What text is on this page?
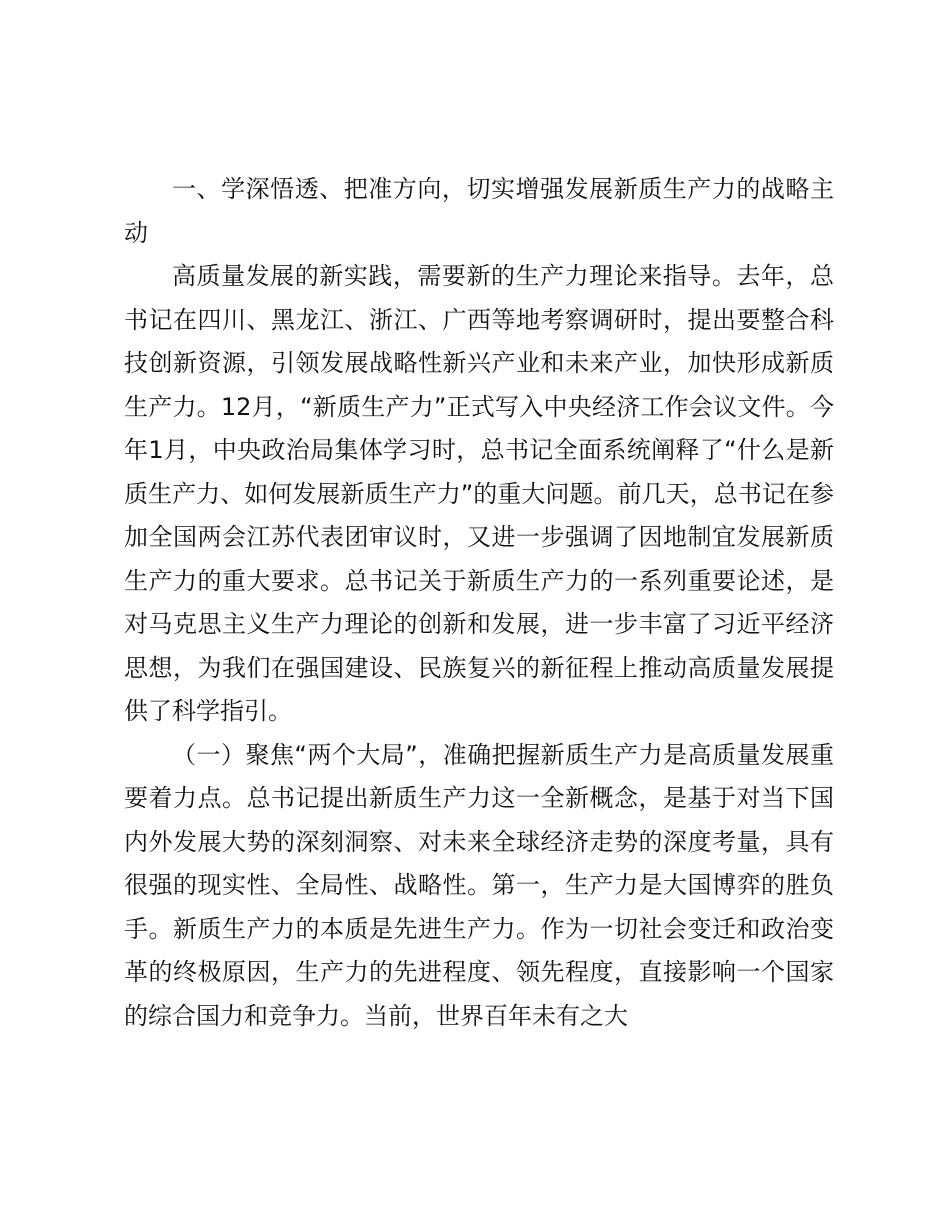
一、学深悟透、把准方向，切实增强发展新质生产力的战略主动

高质量发展的新实践，需要新的生产力理论来指导。去年，总书记在四川、黑龙江、浙江、广西等地考察调研时，提出要整合科技创新资源，引领发展战略性新兴产业和未来产业，加快形成新质生产力。12月，“新质生产力”正式写入中央经济工作会议文件。今年1月，中央政治局集体学习时，总书记全面系统阐释了“什么是新质生产力、如何发展新质生产力”的重大问题。前几天，总书记在参加全国两会江苏代表团审议时，又进一步强调了因地制宜发展新质生产力的重大要求。总书记关于新质生产力的一系列重要论述，是对马克思主义生产力理论的创新和发展，进一步丰富了习近平经济思想，为我们在强国建设、民族复兴的新征程上推动高质量发展提供了科学指引。

（一）聚焦“两个大局”，准确把握新质生产力是高质量发展重要着力点。总书记提出新质生产力这一全新概念，是基于对当下国内外发展大势的深刻洞察、对未来全球经济走势的深度考量，具有很强的现实性、全局性、战略性。第一，生产力是大国博弈的胜负手。新质生产力的本质是先进生产力。作为一切社会变迁和政治变革的终极原因，生产力的先进程度、领先程度，直接影响一个国家的综合国力和竞争力。当前，世界百年未有之大
